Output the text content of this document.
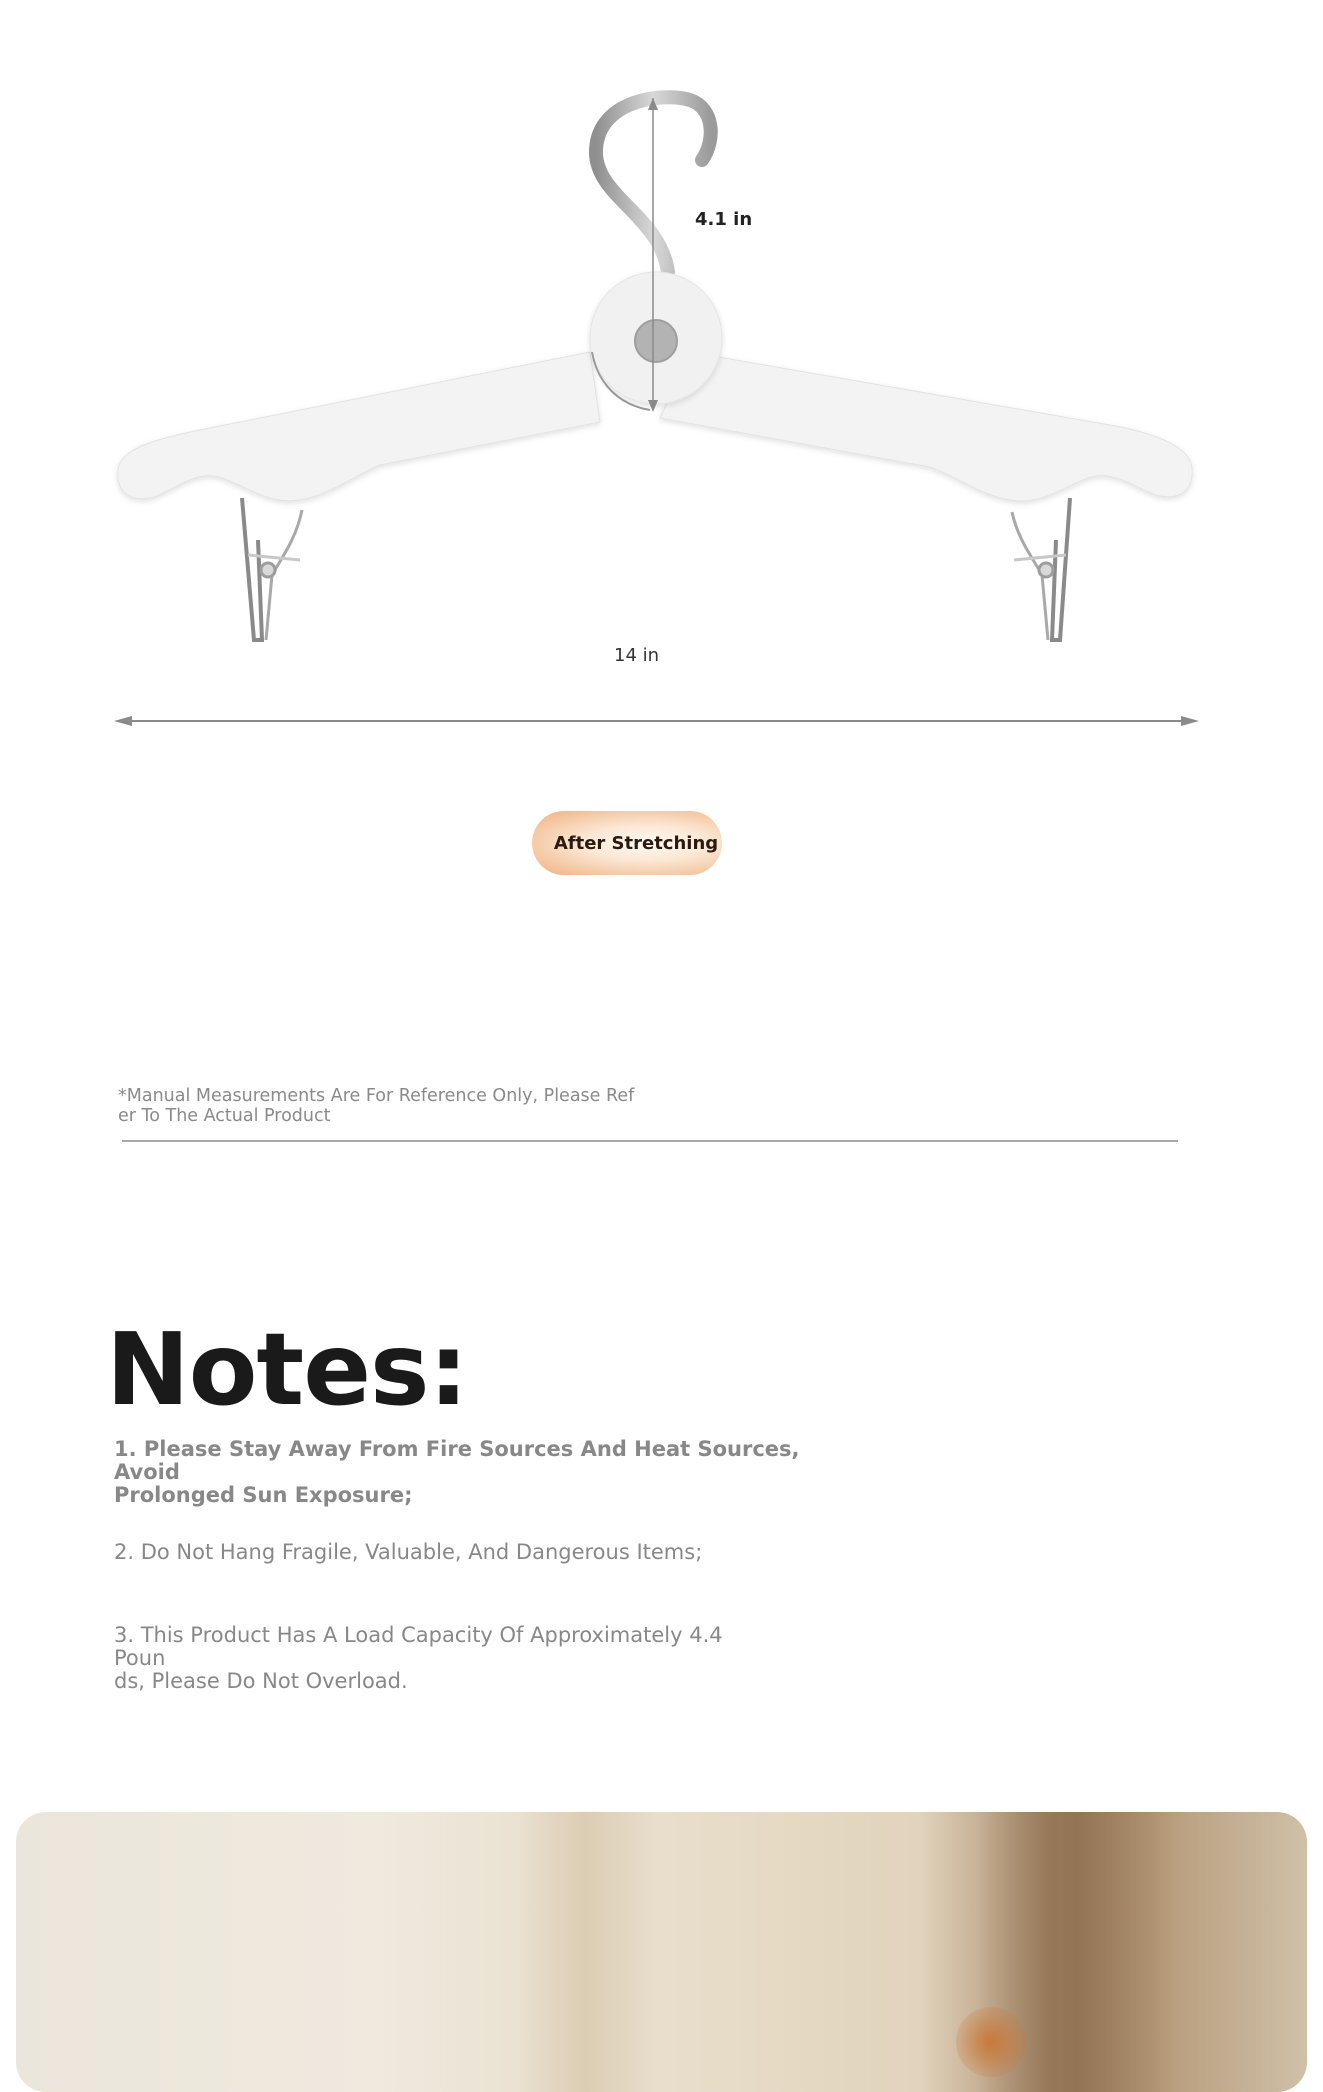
4.1 in
14 in
After Stretching
*Manual Measurements Are For Reference Only, Please Ref
er To The Actual Product
Notes:
1. Please Stay Away From Fire Sources And Heat Sources, Avoid
Prolonged Sun Exposure;
2. Do Not Hang Fragile, Valuable, And Dangerous Items;
3. This Product Has A Load Capacity Of Approximately 4.4 Poun
ds, Please Do Not Overload.
